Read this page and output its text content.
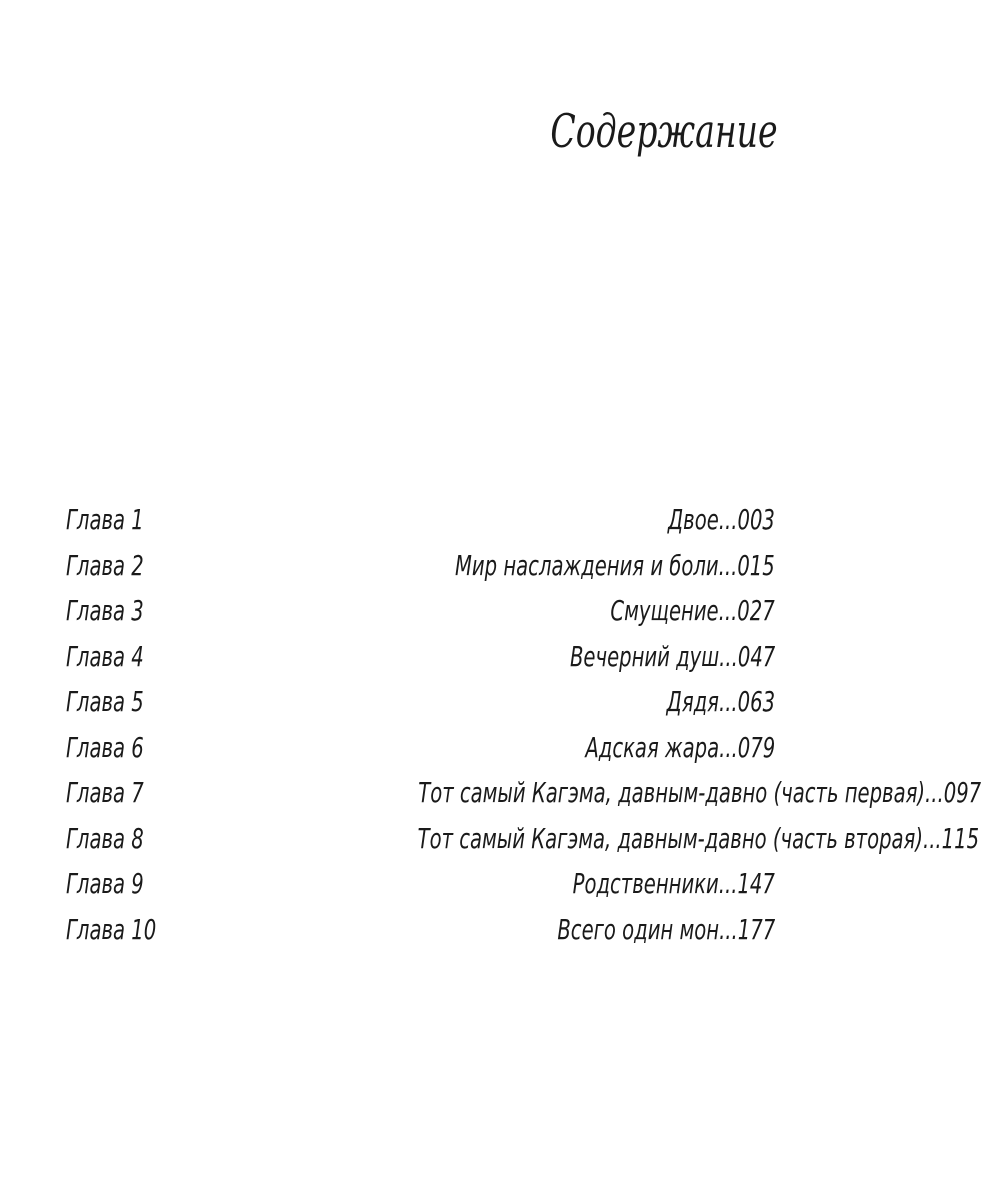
Содержание
Глава 1	Двое...003
Глава 2	Мир наслаждения и боли...015
Глава 3	Смущение...027
Глава 4	Вечерний душ...047
Глава 5	Дядя...063
Глава 6	Адская жара...079
Глава 7	Тот самый Кагэма, давным-давно (часть первая)...097
Глава 8	Тот самый Кагэма, давным-давно (часть вторая)...115
Глава 9	Родственники...147
Глава 10	Всего один мон...177
